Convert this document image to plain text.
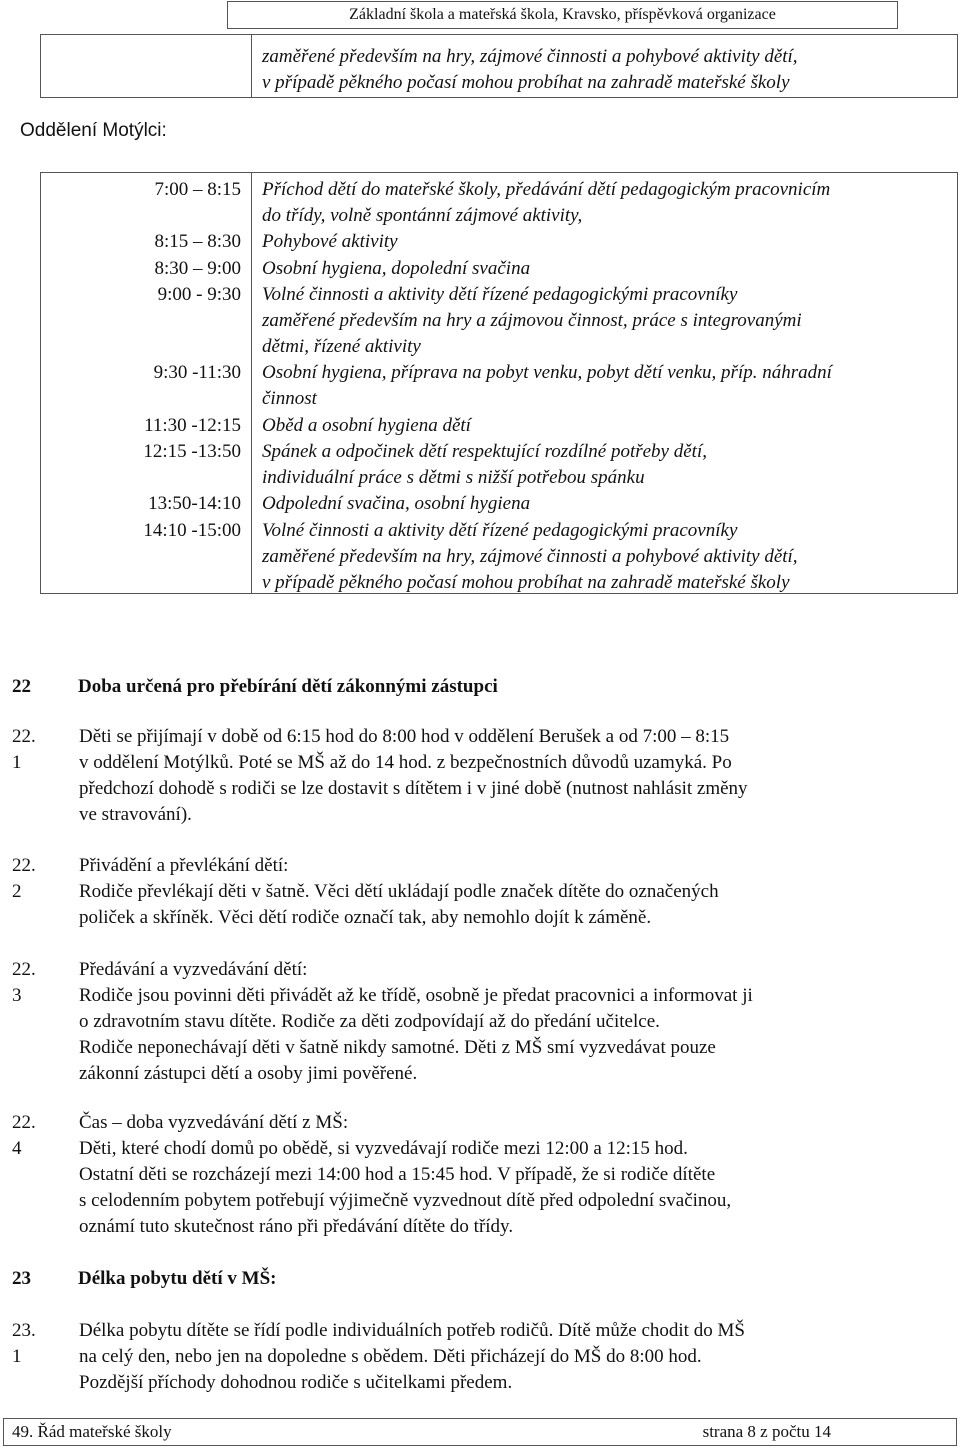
Základní škola a mateřská škola, Kravsko, příspěvková organizace
zaměřené především na hry, zájmové činnosti a pohybové aktivity dětí,
v případě pěkného počasí mohou probíhat na zahradě mateřské školy
Oddělení Motýlci:
7:00 – 8:15 Příchod dětí do mateřské školy, předávání dětí pedagogickým pracovnicím
do třídy, volně spontánní zájmové aktivity,
8:15 – 8:30 Pohybové aktivity
8:30 – 9:00 Osobní hygiena, dopolední svačina
9:00 - 9:30 Volné činnosti a aktivity dětí řízené pedagogickými pracovníky
zaměřené především na hry a zájmovou činnost, práce s integrovanými
dětmi, řízené aktivity
9:30 -11:30 Osobní hygiena, příprava na pobyt venku, pobyt dětí venku, příp. náhradní
činnost
11:30 -12:15 Oběd a osobní hygiena dětí
12:15 -13:50 Spánek a odpočinek dětí respektující rozdílné potřeby dětí,
individuální práce s dětmi s nižší potřebou spánku
13:50-14:10 Odpolední svačina, osobní hygiena
14:10 -15:00 Volné činnosti a aktivity dětí řízené pedagogickými pracovníky
zaměřené především na hry, zájmové činnosti a pohybové aktivity dětí,
v případě pěkného počasí mohou probíhat na zahradě mateřské školy
22 Doba určená pro přebírání dětí zákonnými zástupci
22. 1
Děti se přijímají v době od 6:15 hod do 8:00 hod v oddělení Berušek a od 7:00 – 8:15
v oddělení Motýlků. Poté se MŠ až do 14 hod. z bezpečnostních důvodů uzamyká. Po
předchozí dohodě s rodiči se lze dostavit s dítětem i v jiné době (nutnost nahlásit změny
ve stravování).
22. 2
Přivádění a převlékání dětí:
Rodiče převlékají děti v šatně. Věci dětí ukládají podle značek dítěte do označených
poliček a skříněk. Věci dětí rodiče označí tak, aby nemohlo dojít k záměně.
22. 3
Předávání a vyzvedávání dětí:
Rodiče jsou povinni děti přivádět až ke třídě, osobně je předat pracovnici a informovat ji
o zdravotním stavu dítěte. Rodiče za děti zodpovídají až do předání učitelce.
Rodiče neponechávají děti v šatně nikdy samotné. Děti z MŠ smí vyzvedávat pouze
zákonní zástupci dětí a osoby jimi pověřené.
22. 4
Čas – doba vyzvedávání dětí z MŠ:
Děti, které chodí domů po obědě, si vyzvedávají rodiče mezi 12:00 a 12:15 hod.
Ostatní děti se rozcházejí mezi 14:00 hod a 15:45 hod. V případě, že si rodiče dítěte
s celodenním pobytem potřebují výjimečně vyzvednout dítě před odpolední svačinou,
oznámí tuto skutečnost ráno při předávání dítěte do třídy.
23 Délka pobytu dětí v MŠ:
23. 1
Délka pobytu dítěte se řídí podle individuálních potřeb rodičů. Dítě může chodit do MŠ
na celý den, nebo jen na dopoledne s obědem. Děti přicházejí do MŠ do 8:00 hod.
Pozdější příchody dohodnou rodiče s učitelkami předem.
49. Řád mateřské školy	strana 8 z počtu 14
